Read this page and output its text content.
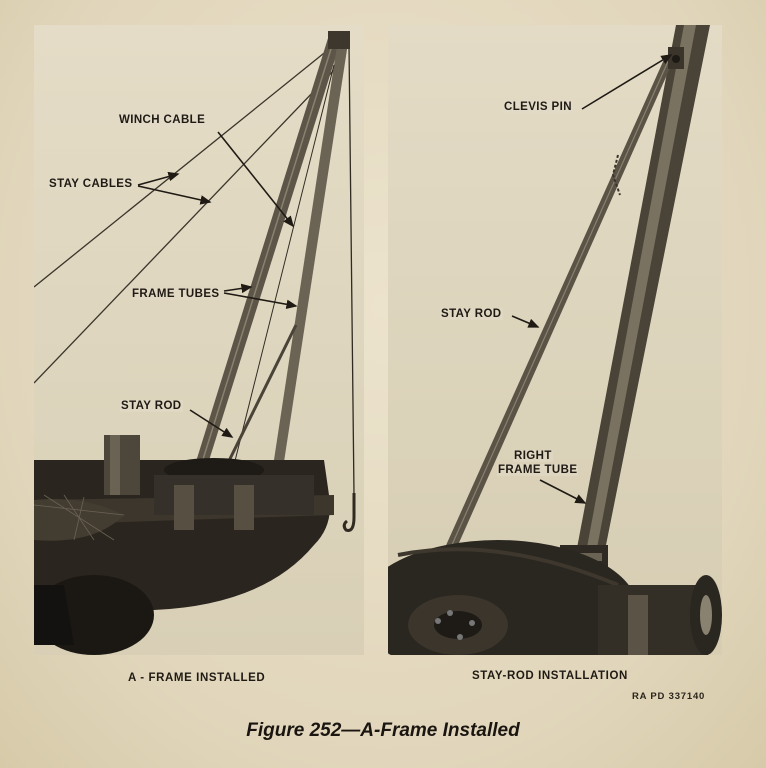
WINCH CABLE
STAY CABLES
FRAME TUBES
STAY ROD
CLEVIS PIN
STAY ROD
RIGHT
FRAME TUBE
A - FRAME INSTALLED	STAY-ROD INSTALLATION
RA PD 337140
Figure 252—A-Frame Installed
